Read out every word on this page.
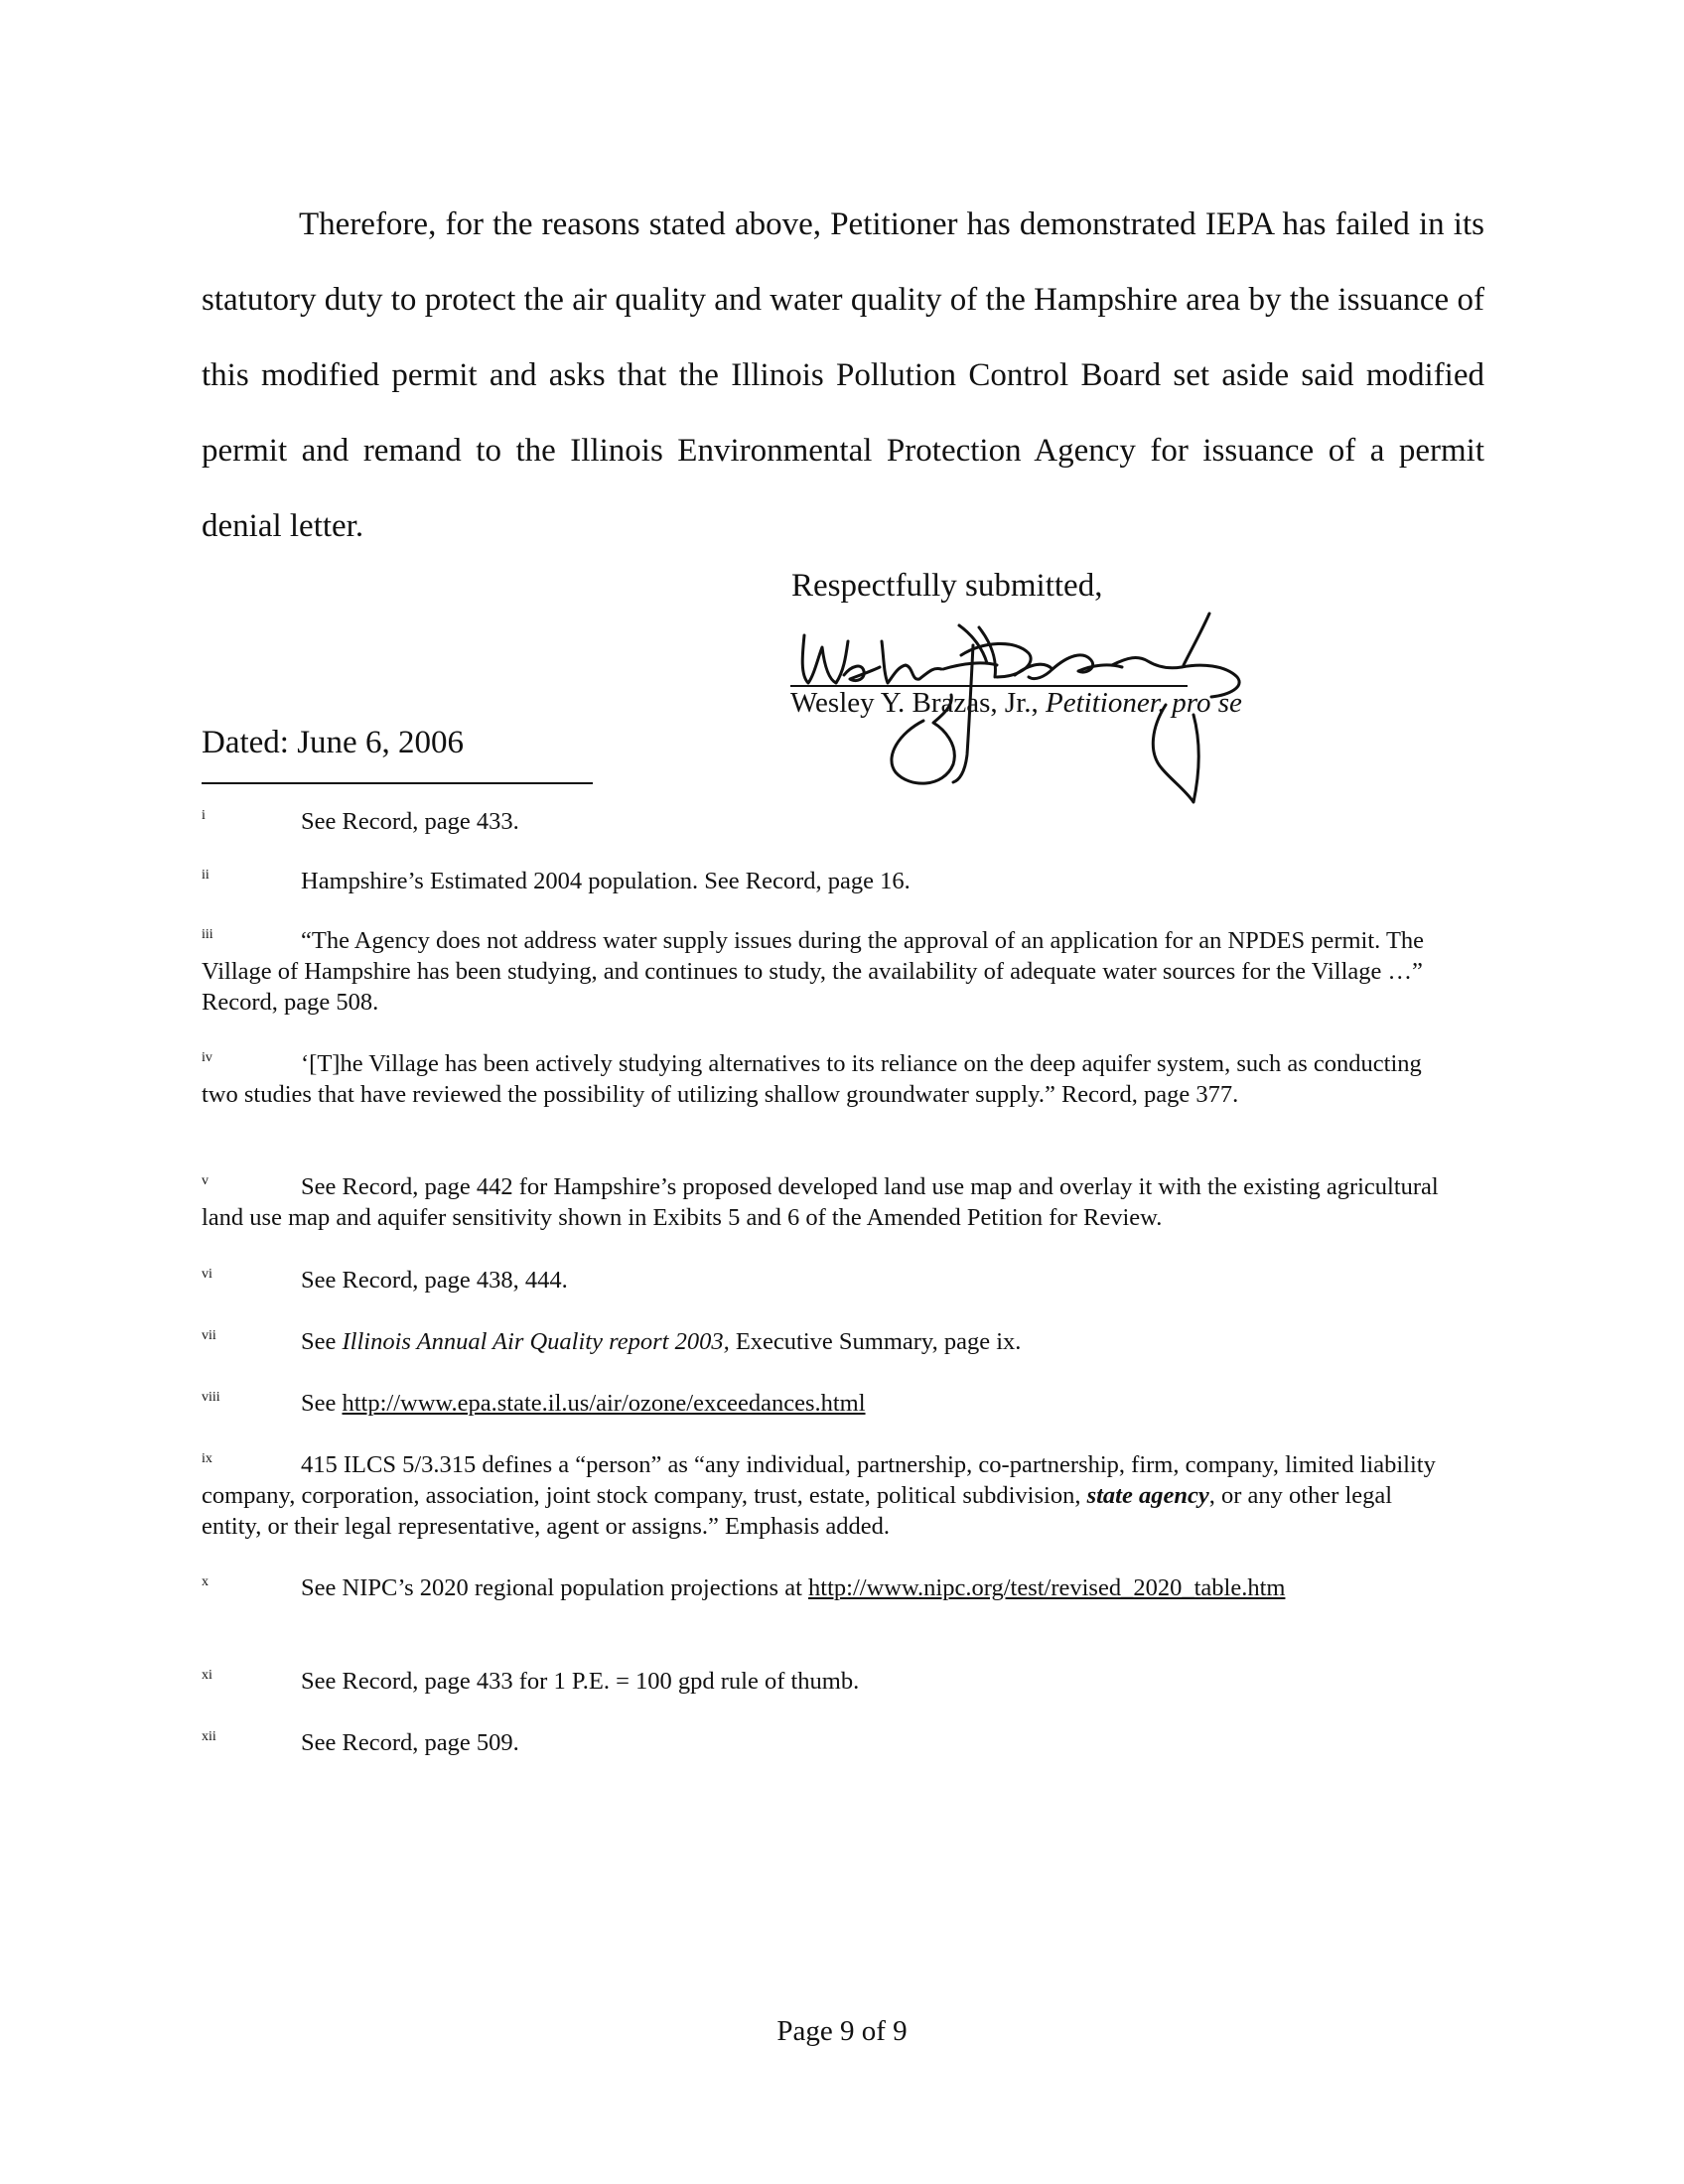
Therefore, for the reasons stated above, Petitioner has demonstrated IEPA has failed in its statutory duty to protect the air quality and water quality of the Hampshire area by the issuance of this modified permit and asks that the Illinois Pollution Control Board set aside said modified permit and remand to the Illinois Environmental Protection Agency for issuance of a permit denial letter.

Respectfully submitted,
Wesley Y. Brazas, Jr., Petitioner, pro se
Dated: June 6, 2006

i	See Record, page 433.

ii	Hampshire’s Estimated 2004 population. See Record, page 16.

iii	“The Agency does not address water supply issues during the approval of an application for an NPDES permit. The Village of Hampshire has been studying, and continues to study, the availability of adequate water sources for the Village …” Record, page 508.

iv	‘[T]he Village has been actively studying alternatives to its reliance on the deep aquifer system, such as conducting two studies that have reviewed the possibility of utilizing shallow groundwater supply.” Record, page 377.

v	See Record, page 442 for Hampshire’s proposed developed land use map and overlay it with the existing agricultural land use map and aquifer sensitivity shown in Exibits 5 and 6 of the Amended Petition for Review.

vi	See Record, page 438, 444.

vii	See Illinois Annual Air Quality report 2003, Executive Summary, page ix.

viii	See http://www.epa.state.il.us/air/ozone/exceedances.html

ix	415 ILCS 5/3.315 defines a “person” as “any individual, partnership, co-partnership, firm, company, limited liability company, corporation, association, joint stock company, trust, estate, political subdivision, state agency, or any other legal entity, or their legal representative, agent or assigns.” Emphasis added.

x	See NIPC’s 2020 regional population projections at http://www.nipc.org/test/revised_2020_table.htm

xi	See Record, page 433 for 1 P.E. = 100 gpd rule of thumb.

xii	See Record, page 509.

Page 9 of 9
